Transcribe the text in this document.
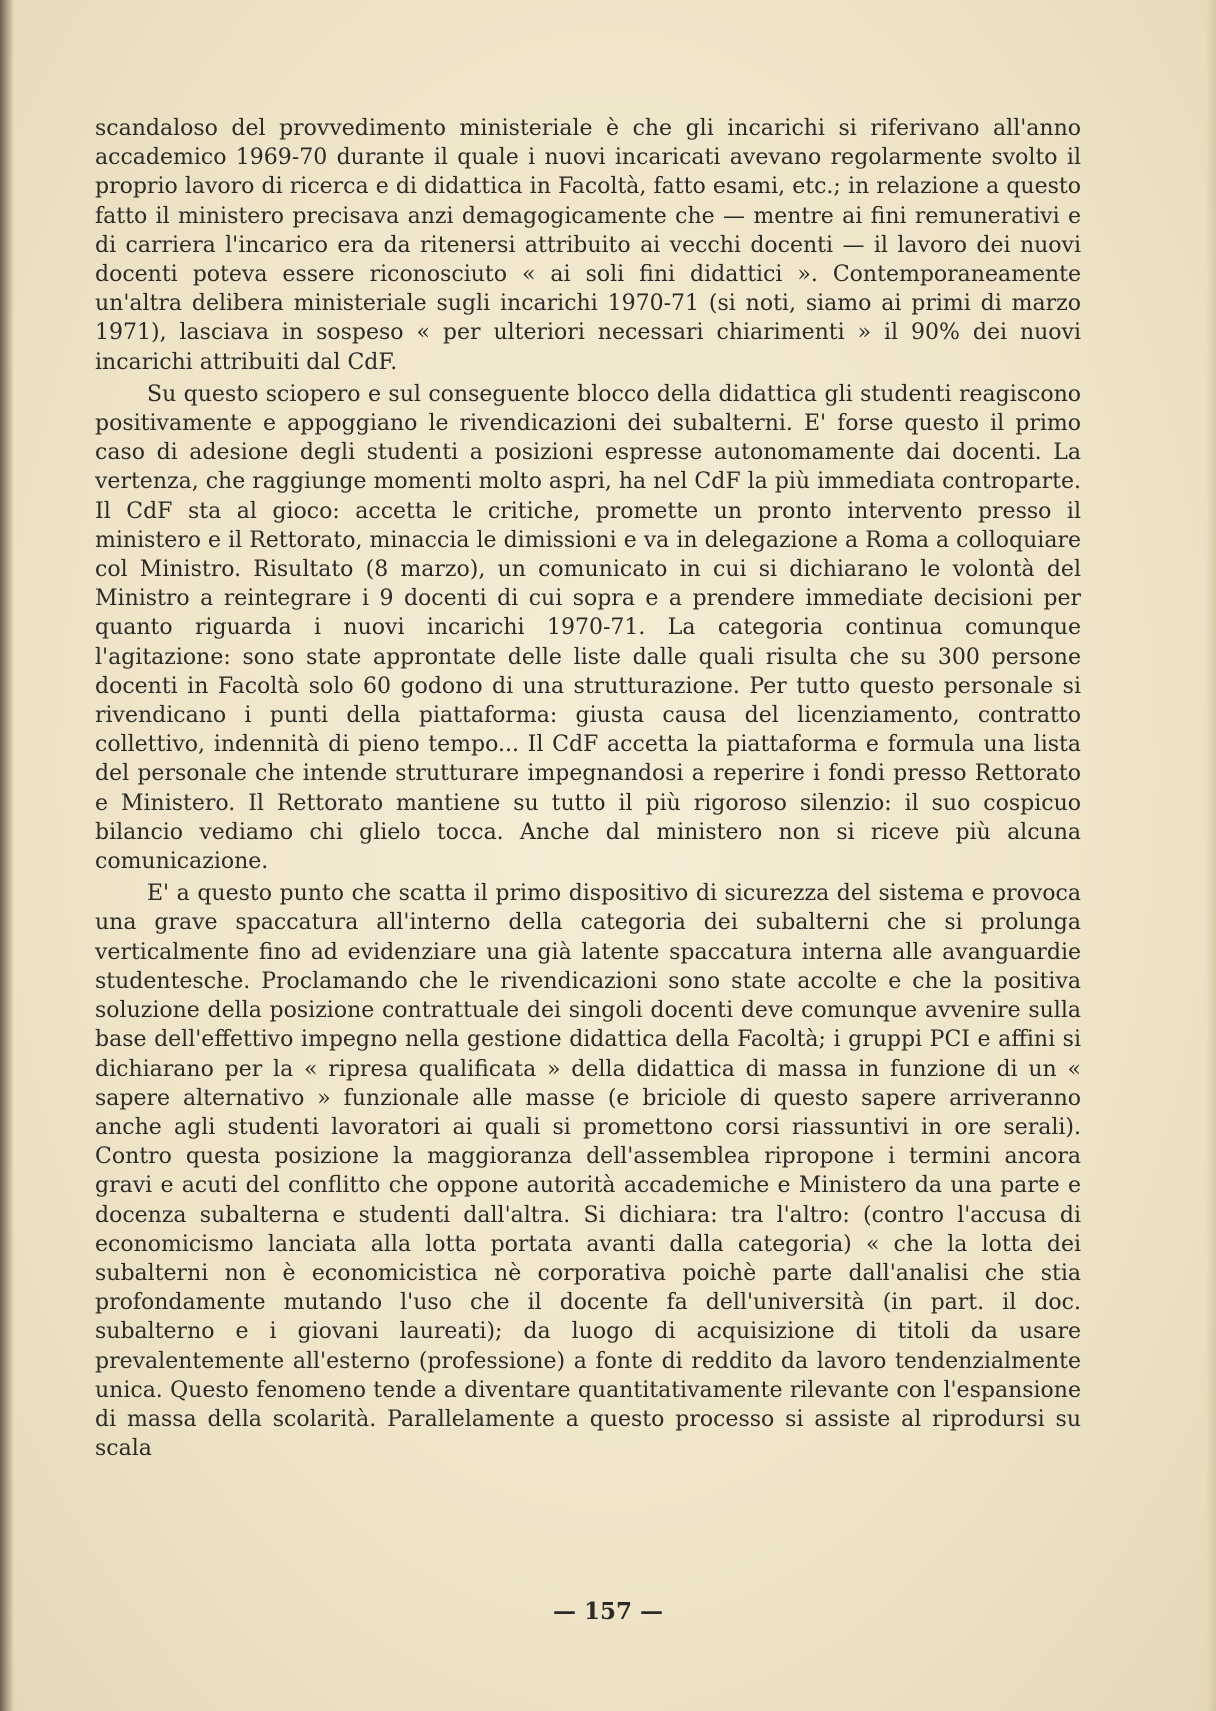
scandaloso del provvedimento ministeriale è che gli incarichi si riferivano all'anno accademico 1969-70 durante il quale i nuovi incaricati avevano regolarmente svolto il proprio lavoro di ricerca e di didattica in Facoltà, fatto esami, etc.; in relazione a questo fatto il ministero precisava anzi demagogicamente che — mentre ai fini remunerativi e di carriera l'incarico era da ritenersi attribuito ai vecchi docenti — il lavoro dei nuovi docenti poteva essere riconosciuto « ai soli fini didattici ». Contemporaneamente un'altra delibera ministeriale sugli incarichi 1970-71 (si noti, siamo ai primi di marzo 1971), lasciava in sospeso « per ulteriori necessari chiarimenti » il 90% dei nuovi incarichi attribuiti dal CdF.

Su questo sciopero e sul conseguente blocco della didattica gli studenti reagiscono positivamente e appoggiano le rivendicazioni dei subalterni. E' forse questo il primo caso di adesione degli studenti a posizioni espresse autonomamente dai docenti. La vertenza, che raggiunge momenti molto aspri, ha nel CdF la più immediata controparte. Il CdF sta al gioco: accetta le critiche, promette un pronto intervento presso il ministero e il Rettorato, minaccia le dimissioni e va in delegazione a Roma a colloquiare col Ministro. Risultato (8 marzo), un comunicato in cui si dichiarano le volontà del Ministro a reintegrare i 9 docenti di cui sopra e a prendere immediate decisioni per quanto riguarda i nuovi incarichi 1970-71. La categoria continua comunque l'agitazione: sono state approntate delle liste dalle quali risulta che su 300 persone docenti in Facoltà solo 60 godono di una strutturazione. Per tutto questo personale si rivendicano i punti della piattaforma: giusta causa del licenziamento, contratto collettivo, indennità di pieno tempo... Il CdF accetta la piattaforma e formula una lista del personale che intende strutturare impegnandosi a reperire i fondi presso Rettorato e Ministero. Il Rettorato mantiene su tutto il più rigoroso silenzio: il suo cospicuo bilancio vediamo chi glielo tocca. Anche dal ministero non si riceve più alcuna comunicazione.

E' a questo punto che scatta il primo dispositivo di sicurezza del sistema e provoca una grave spaccatura all'interno della categoria dei subalterni che si prolunga verticalmente fino ad evidenziare una già latente spaccatura interna alle avanguardie studentesche. Proclamando che le rivendicazioni sono state accolte e che la positiva soluzione della posizione contrattuale dei singoli docenti deve comunque avvenire sulla base dell'effettivo impegno nella gestione didattica della Facoltà; i gruppi PCI e affini si dichiarano per la « ripresa qualificata » della didattica di massa in funzione di un « sapere alternativo » funzionale alle masse (e briciole di questo sapere arriveranno anche agli studenti lavoratori ai quali si promettono corsi riassuntivi in ore serali). Contro questa posizione la maggioranza dell'assemblea ripropone i termini ancora gravi e acuti del conflitto che oppone autorità accademiche e Ministero da una parte e docenza subalterna e studenti dall'altra. Si dichiara: tra l'altro: (contro l'accusa di economicismo lanciata alla lotta portata avanti dalla categoria) « che la lotta dei subalterni non è economicistica nè corporativa poichè parte dall'analisi che stia profondamente mutando l'uso che il docente fa dell'università (in part. il doc. subalterno e i giovani laureati); da luogo di acquisizione di titoli da usare prevalentemente all'esterno (professione) a fonte di reddito da lavoro tendenzialmente unica. Questo fenomeno tende a diventare quantitativamente rilevante con l'espansione di massa della scolarità. Parallelamente a questo processo si assiste al riprodursi su scala

— 157 —
